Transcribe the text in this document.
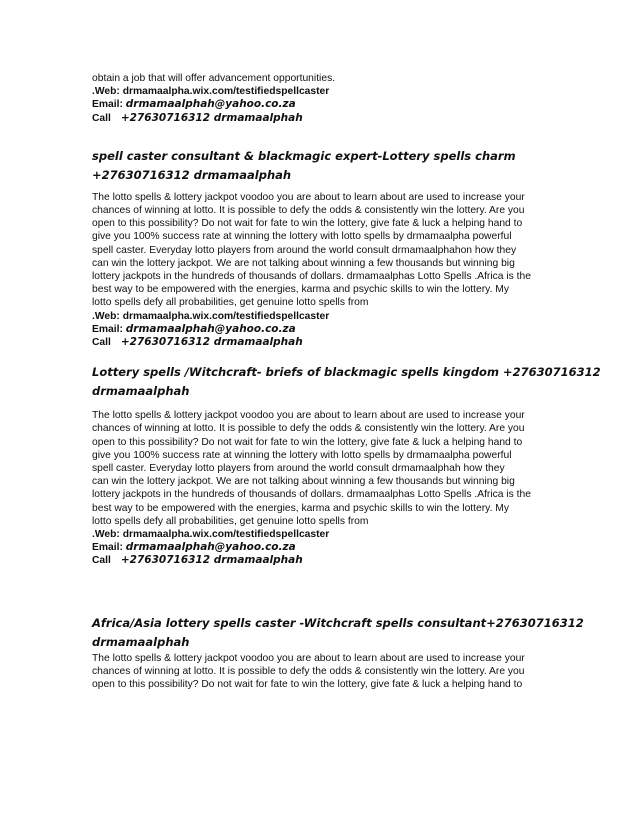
obtain a job that will offer advancement opportunities.
.Web: drmamaalpha.wix.com/testifiedspellcaster
Email: drmamaalphah@yahoo.co.za
Call +27630716312 drmamaalphah
spell caster consultant & blackmagic expert-Lottery spells charm
+27630716312 drmamaalphah

The lotto spells & lottery jackpot voodoo you are about to learn about are used to increase your

chances of winning at lotto. It is possible to defy the odds & consistently win the lottery. Are you

open to this possibility? Do not wait for fate to win the lottery, give fate & luck a helping hand to

give you 100% success rate at winning the lottery with lotto spells by drmamaalpha powerful

spell caster. Everyday lotto players from around the world consult drmamaalphahon how they

can win the lottery jackpot. We are not talking about winning a few thousands but winning big

lottery jackpots in the hundreds of thousands of dollars. drmamaalphas Lotto Spells .Africa is the

best way to be empowered with the energies, karma and psychic skills to win the lottery. My

lotto spells defy all probabilities, get genuine lotto spells from

.Web: drmamaalpha.wix.com/testifiedspellcaster
Email: drmamaalphah@yahoo.co.za
Call +27630716312 drmamaalphah
Lottery spells /Witchcraft- briefs of blackmagic spells kingdom +27630716312
drmamaalphah

The lotto spells & lottery jackpot voodoo you are about to learn about are used to increase your

chances of winning at lotto. It is possible to defy the odds & consistently win the lottery. Are you

open to this possibility? Do not wait for fate to win the lottery, give fate & luck a helping hand to

give you 100% success rate at winning the lottery with lotto spells by drmamaalpha powerful

spell caster. Everyday lotto players from around the world consult drmamaalphah how they

can win the lottery jackpot. We are not talking about winning a few thousands but winning big

lottery jackpots in the hundreds of thousands of dollars. drmamaalphas Lotto Spells .Africa is the

best way to be empowered with the energies, karma and psychic skills to win the lottery. My

lotto spells defy all probabilities, get genuine lotto spells from

.Web: drmamaalpha.wix.com/testifiedspellcaster
Email: drmamaalphah@yahoo.co.za
Call +27630716312 drmamaalphah
Africa/Asia lottery spells caster -Witchcraft spells consultant+27630716312
drmamaalphah

The lotto spells & lottery jackpot voodoo you are about to learn about are used to increase your

chances of winning at lotto. It is possible to defy the odds & consistently win the lottery. Are you

open to this possibility? Do not wait for fate to win the lottery, give fate & luck a helping hand to
